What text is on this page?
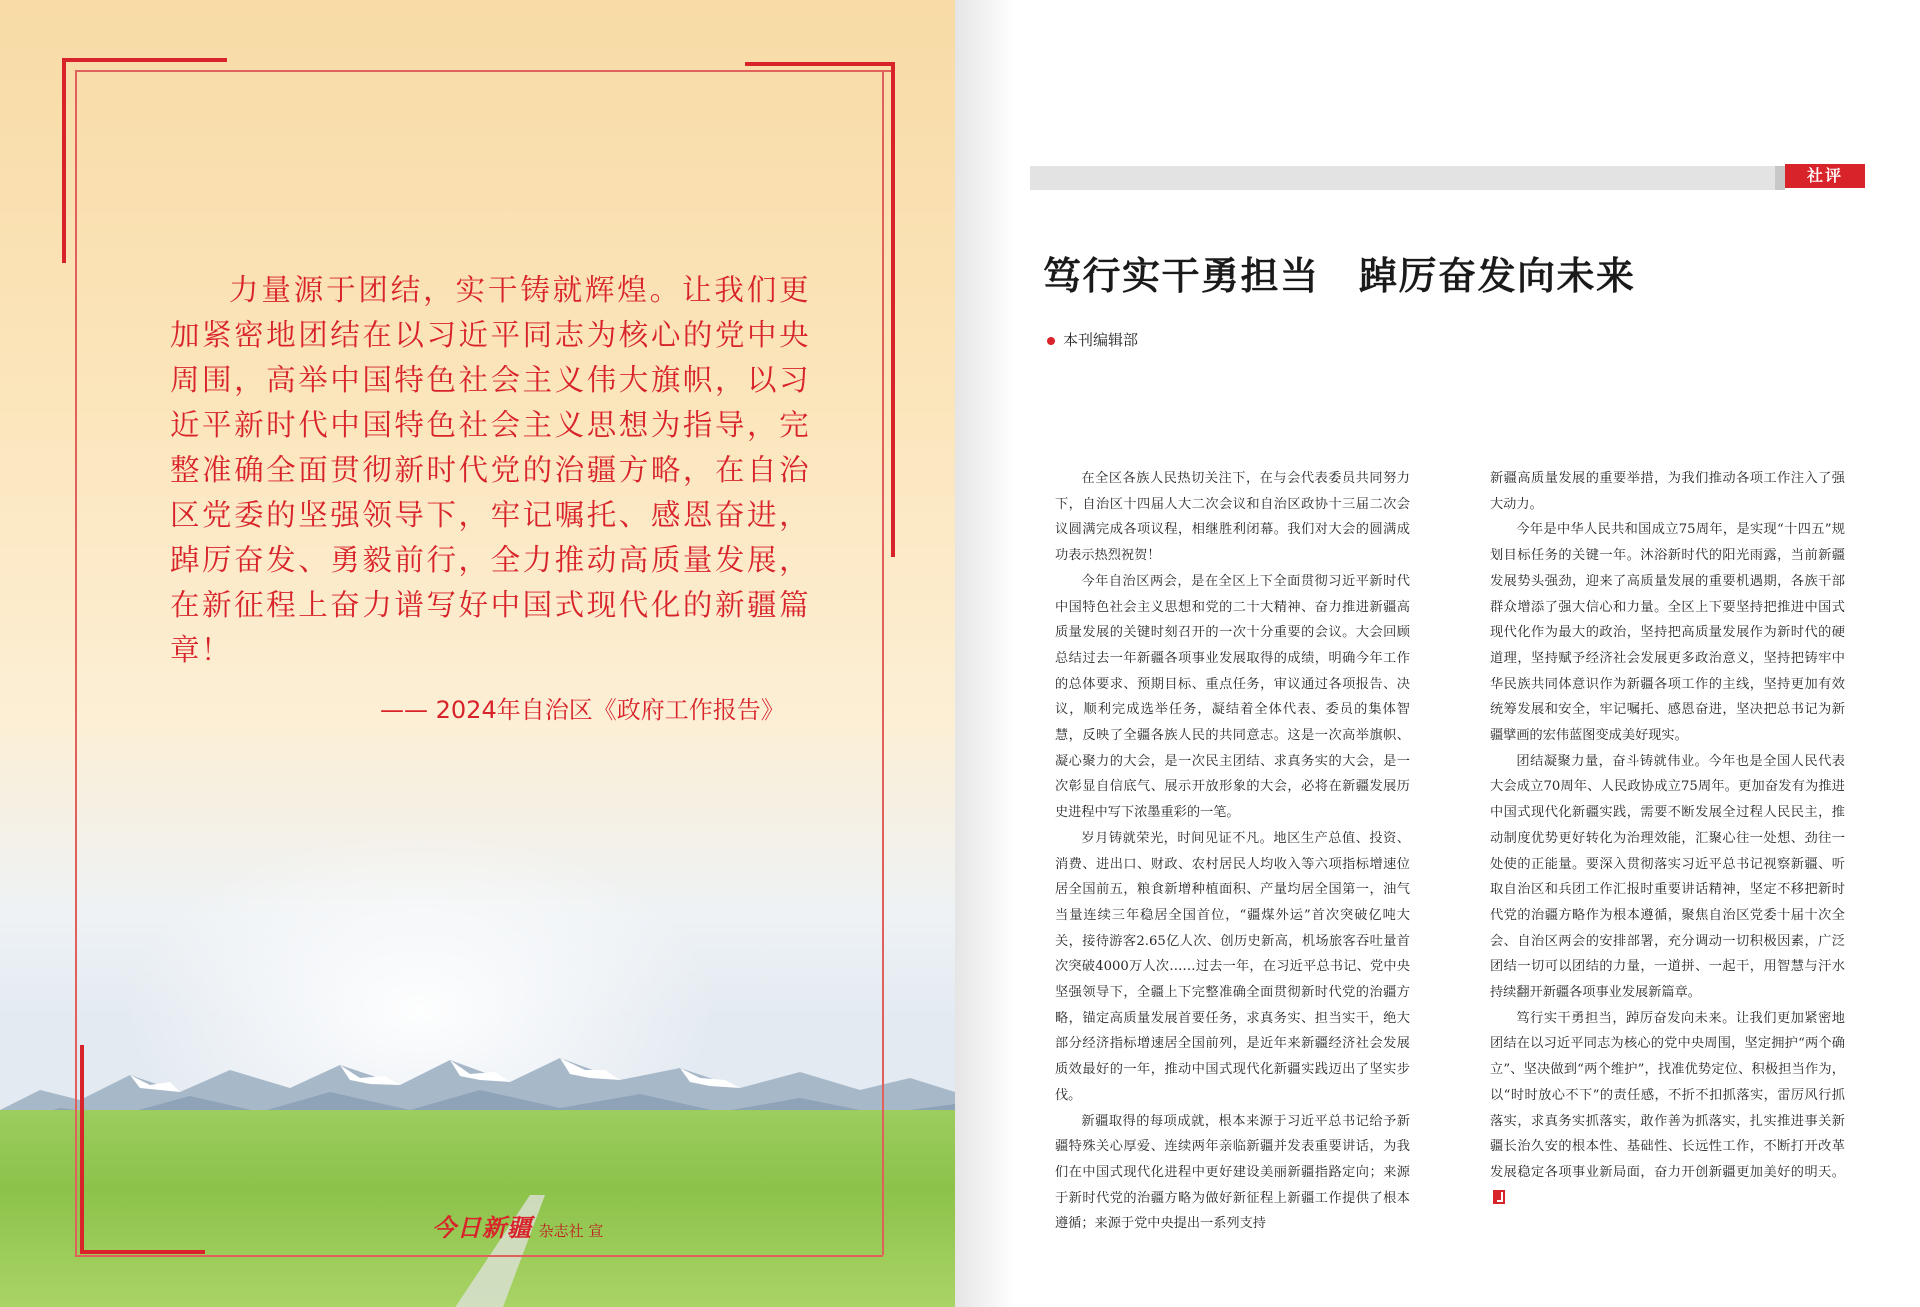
力量源于团结，实干铸就辉煌。让我们更加紧密地团结在以习近平同志为核心的党中央周围，高举中国特色社会主义伟大旗帜，以习近平新时代中国特色社会主义思想为指导，完整准确全面贯彻新时代党的治疆方略，在自治区党委的坚强领导下，牢记嘱托、感恩奋进，踔厉奋发、勇毅前行，全力推动高质量发展，在新征程上奋力谱写好中国式现代化的新疆篇章！

—— 2024年自治区《政府工作报告》
今日新疆 杂志社 宣
社评
笃行实干勇担当　踔厉奋发向未来
本刊编辑部

在全区各族人民热切关注下，在与会代表委员共同努力下，自治区十四届人大二次会议和自治区政协十三届二次会议圆满完成各项议程，相继胜利闭幕。我们对大会的圆满成功表示热烈祝贺！

今年自治区两会，是在全区上下全面贯彻习近平新时代中国特色社会主义思想和党的二十大精神、奋力推进新疆高质量发展的关键时刻召开的一次十分重要的会议。大会回顾总结过去一年新疆各项事业发展取得的成绩，明确今年工作的总体要求、预期目标、重点任务，审议通过各项报告、决议，顺利完成选举任务，凝结着全体代表、委员的集体智慧，反映了全疆各族人民的共同意志。这是一次高举旗帜、凝心聚力的大会，是一次民主团结、求真务实的大会，是一次彰显自信底气、展示开放形象的大会，必将在新疆发展历史进程中写下浓墨重彩的一笔。

岁月铸就荣光，时间见证不凡。地区生产总值、投资、消费、进出口、财政、农村居民人均收入等六项指标增速位居全国前五，粮食新增种植面积、产量均居全国第一，油气当量连续三年稳居全国首位，“疆煤外运”首次突破亿吨大关，接待游客2.65亿人次、创历史新高，机场旅客吞吐量首次突破4000万人次……过去一年，在习近平总书记、党中央坚强领导下，全疆上下完整准确全面贯彻新时代党的治疆方略，锚定高质量发展首要任务，求真务实、担当实干，绝大部分经济指标增速居全国前列，是近年来新疆经济社会发展质效最好的一年，推动中国式现代化新疆实践迈出了坚实步伐。

新疆取得的每项成就，根本来源于习近平总书记给予新疆特殊关心厚爱、连续两年亲临新疆并发表重要讲话，为我们在中国式现代化进程中更好建设美丽新疆指路定向；来源于新时代党的治疆方略为做好新征程上新疆工作提供了根本遵循；来源于党中央提出一系列支持

新疆高质量发展的重要举措，为我们推动各项工作注入了强大动力。

今年是中华人民共和国成立75周年，是实现“十四五”规划目标任务的关键一年。沐浴新时代的阳光雨露，当前新疆发展势头强劲，迎来了高质量发展的重要机遇期，各族干部群众增添了强大信心和力量。全区上下要坚持把推进中国式现代化作为最大的政治，坚持把高质量发展作为新时代的硬道理，坚持赋予经济社会发展更多政治意义，坚持把铸牢中华民族共同体意识作为新疆各项工作的主线，坚持更加有效统筹发展和安全，牢记嘱托、感恩奋进，坚决把总书记为新疆擘画的宏伟蓝图变成美好现实。

团结凝聚力量，奋斗铸就伟业。今年也是全国人民代表大会成立70周年、人民政协成立75周年。更加奋发有为推进中国式现代化新疆实践，需要不断发展全过程人民民主，推动制度优势更好转化为治理效能，汇聚心往一处想、劲往一处使的正能量。要深入贯彻落实习近平总书记视察新疆、听取自治区和兵团工作汇报时重要讲话精神，坚定不移把新时代党的治疆方略作为根本遵循，聚焦自治区党委十届十次全会、自治区两会的安排部署，充分调动一切积极因素，广泛团结一切可以团结的力量，一道拼、一起干，用智慧与汗水持续翻开新疆各项事业发展新篇章。

笃行实干勇担当，踔厉奋发向未来。让我们更加紧密地团结在以习近平同志为核心的党中央周围，坚定拥护“两个确立”、坚决做到“两个维护”，找准优势定位、积极担当作为，以“时时放心不下”的责任感，不折不扣抓落实，雷厉风行抓落实，求真务实抓落实，敢作善为抓落实，扎实推进事关新疆长治久安的根本性、基础性、长远性工作，不断打开改革发展稳定各项事业新局面，奋力开创新疆更加美好的明天。
